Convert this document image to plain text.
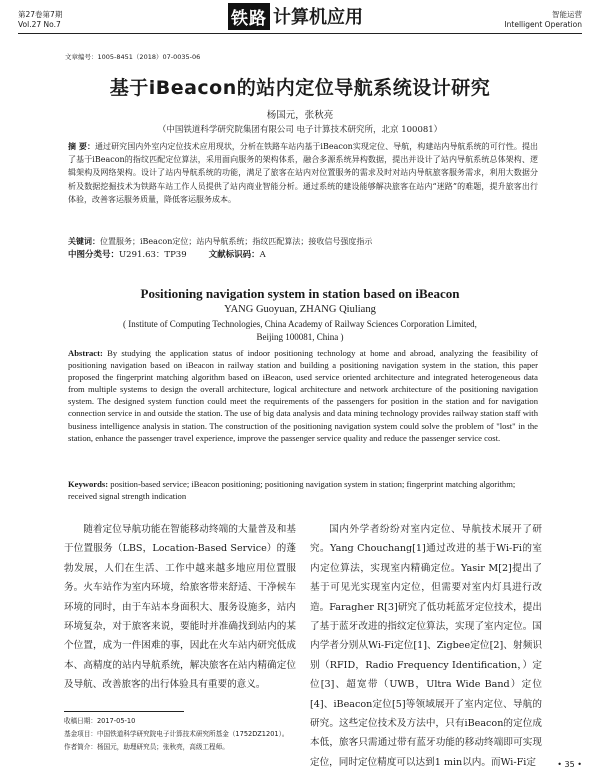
第27卷第7期
Vol.27 No.7	铁路 计算机应用	智能运营
Intelligent Operation
文章编号：1005-8451（2018）07-0035-06
基于iBeacon的站内定位导航系统设计研究
杨国元，张秋亮
（中国铁道科学研究院集团有限公司 电子计算技术研究所，北京 100081）
摘 要：通过研究国内外室内定位技术应用现状，分析在铁路车站内基于iBeacon实现定位、导航，构建站内导航系统的可行性。提出了基于iBeacon的指纹匹配定位算法，采用面向服务的架构体系，融合多源系统异构数据，提出并设计了站内导航系统总体架构、逻辑架构及网络架构。设计了站内导航系统的功能，满足了旅客在站内对位置服务的需求及时对站内导航旅客服务需求，利用大数据分析及数据挖掘技术为铁路车站工作人员提供了站内商业智能分析。通过系统的建设能够解决旅客在站内“迷路”的难题，提升旅客出行体验，改善客运服务质量，降低客运服务成本。
关键词：位置服务；iBeacon定位；站内导航系统；指纹匹配算法；接收信号强度指示
中图分类号：U291.63：TP39	文献标识码：A
Positioning navigation system in station based on iBeacon
YANG Guoyuan, ZHANG Qiuliang
( Institute of Computing Technologies, China Academy of Railway Sciences Corporation Limited,
Beijing 100081, China )
Abstract: By studying the application status of indoor positioning technology at home and abroad, analyzing the feasibility of positioning navigation based on iBeacon in railway station and building a positioning navigation system in the station, this paper proposed the fingerprint matching algorithm based on iBeacon, used service oriented architecture and integrated heterogeneous data from multiple systems to design the overall architecture, logical architecture and network architecture of the positioning navigation system. The designed system function could meet the requirements of the passengers for position in the station and for navigation connection service in and outside the station. The use of big data analysis and data mining technology provides railway station staff with business intelligence analysis in station. The construction of the positioning navigation system could solve the problem of "lost" in the station, enhance the passenger travel experience, improve the passenger service quality and reduce the passenger service cost.
Keywords: position-based service; iBeacon positioning; positioning navigation system in station; fingerprint matching algorithm; received signal strength indication
随着定位导航功能在智能移动终端的大量普及和基于位置服务（LBS，Location-Based Service）的蓬勃发展，人们在生活、工作中越来越多地应用位置服务。火车站作为室内环境，给旅客带来舒适、干净候车环境的同时，由于车站本身面积大、服务设施多，站内环境复杂，对于旅客来说，要能时并准确找到站内的某个位置，成为一件困难的事，因此在火车站内研究低成本、高精度的站内导航系统，解决旅客在站内精确定位及导航、改善旅客的出行体验具有重要的意义。
国内外学者纷纷对室内定位、导航技术展开了研究。Yang Chouchang[1]通过改进的基于Wi-Fi的室内定位算法，实现室内精确定位。Yasir M[2]提出了基于可见光实现室内定位，但需要对室内灯具进行改造。Faragher R[3]研究了低功耗蓝牙定位技术，提出了基于蓝牙改进的指纹定位算法，实现了室内定位。国内学者分别从Wi-Fi定位[1]、Zigbee定位[2]、射频识别（RFID，Radio Frequency Identification，）定位[3]、超宽带（UWB，Ultra Wide Band）定位[4]、iBeacon定位[5]等领域展开了室内定位、导航的研究。这些定位技术及方法中，只有iBeacon的定位成本低，旅客只需通过带有蓝牙功能的移动终端即可实现定位，同时定位精度可以达到1 min以内。而Wi-Fi定
收稿日期：2017-05-10
基金项目：中国铁道科学研究院电子计算技术研究所基金（1752DZ1201）。
作者简介：杨国元，助理研究员；张秋亮，高级工程师。
• 35 •
